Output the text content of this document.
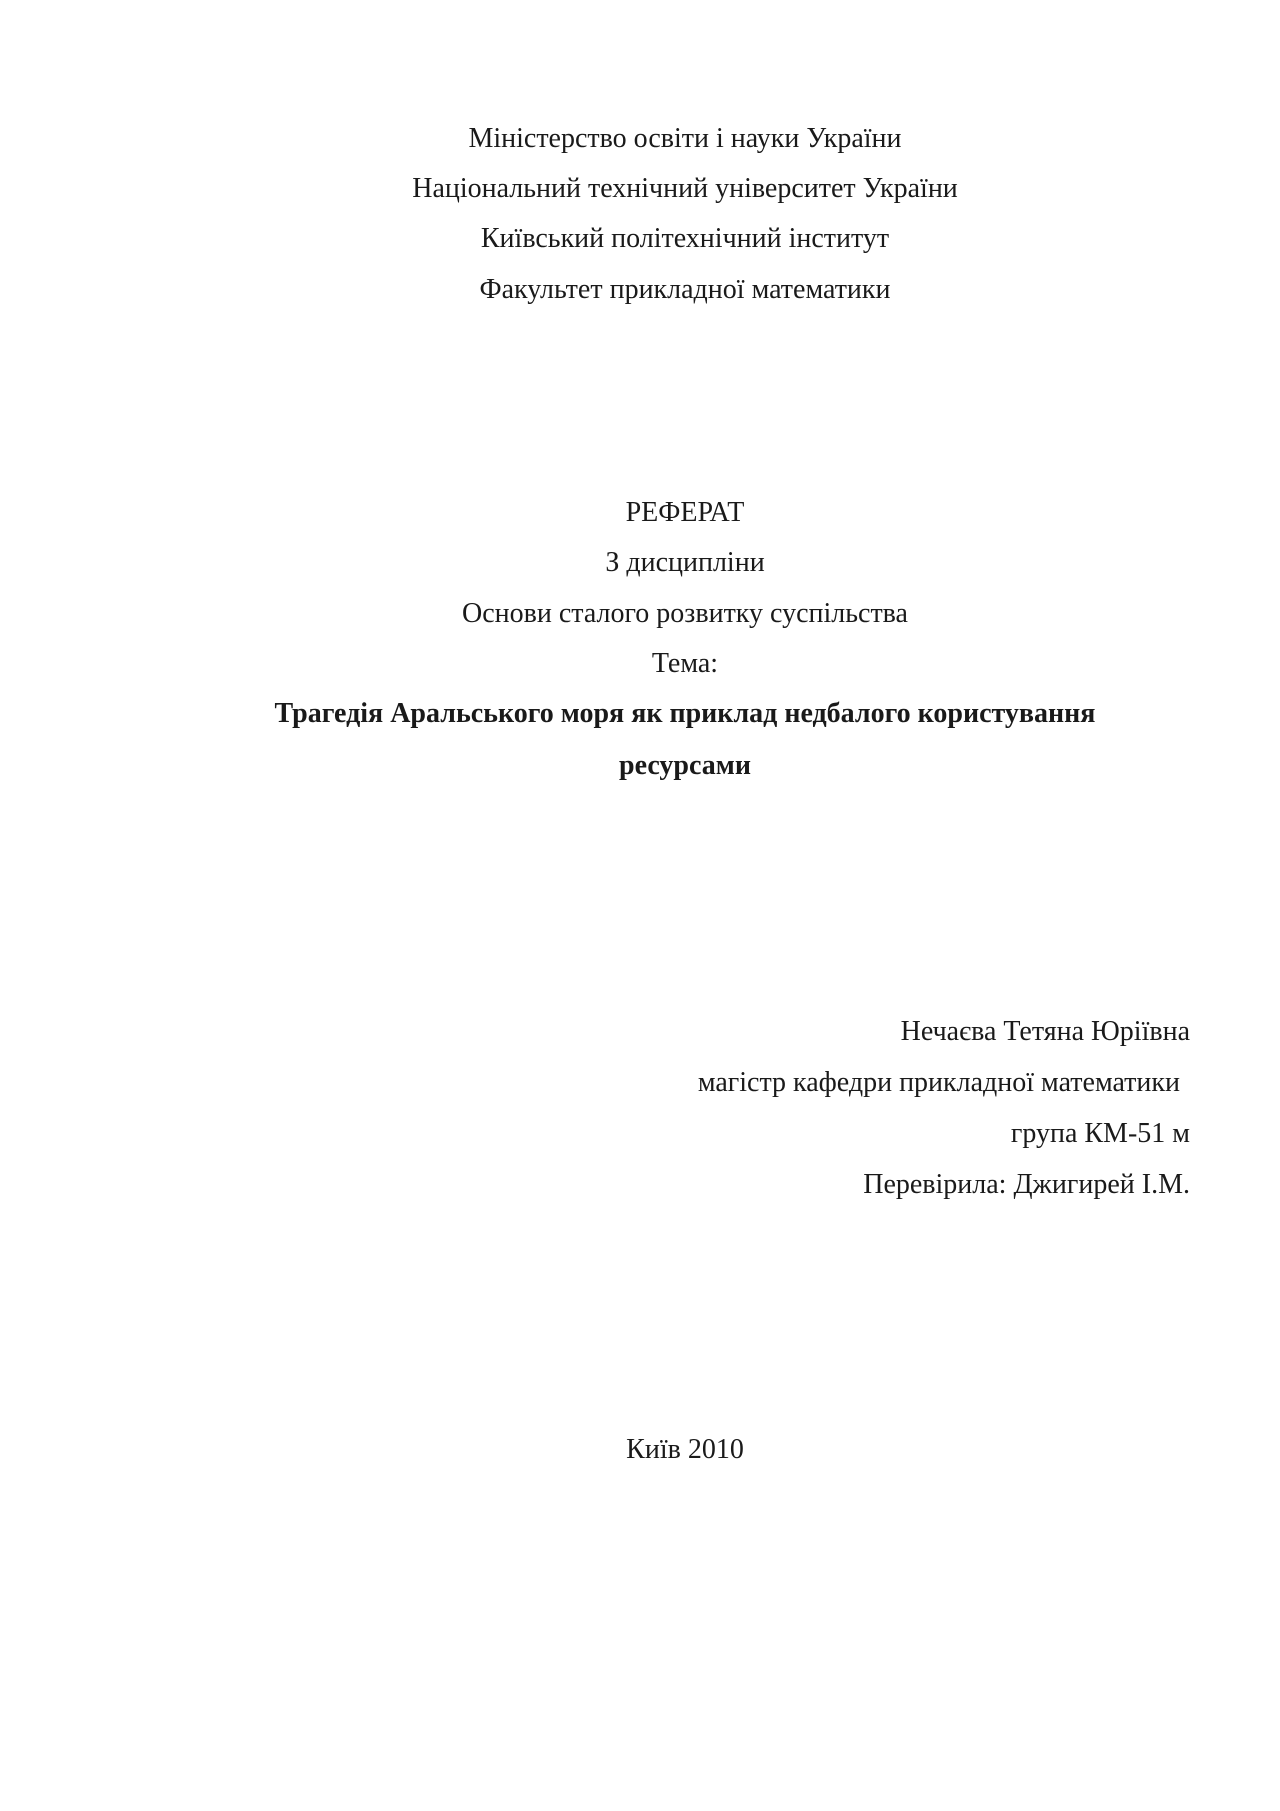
Міністерство освіти і науки України
Національний технічний університет України
Київський політехнічний інститут
Факультет прикладної математики
РЕФЕРАТ
З дисципліни
Основи сталого розвитку суспільства
Тема:
Трагедія Аральського моря як приклад недбалого користування
ресурсами
Нечаєва Тетяна Юріївна
магістр кафедри прикладної математики
група КМ-51 м
Перевірила: Джигирей І.М.
Київ 2010
